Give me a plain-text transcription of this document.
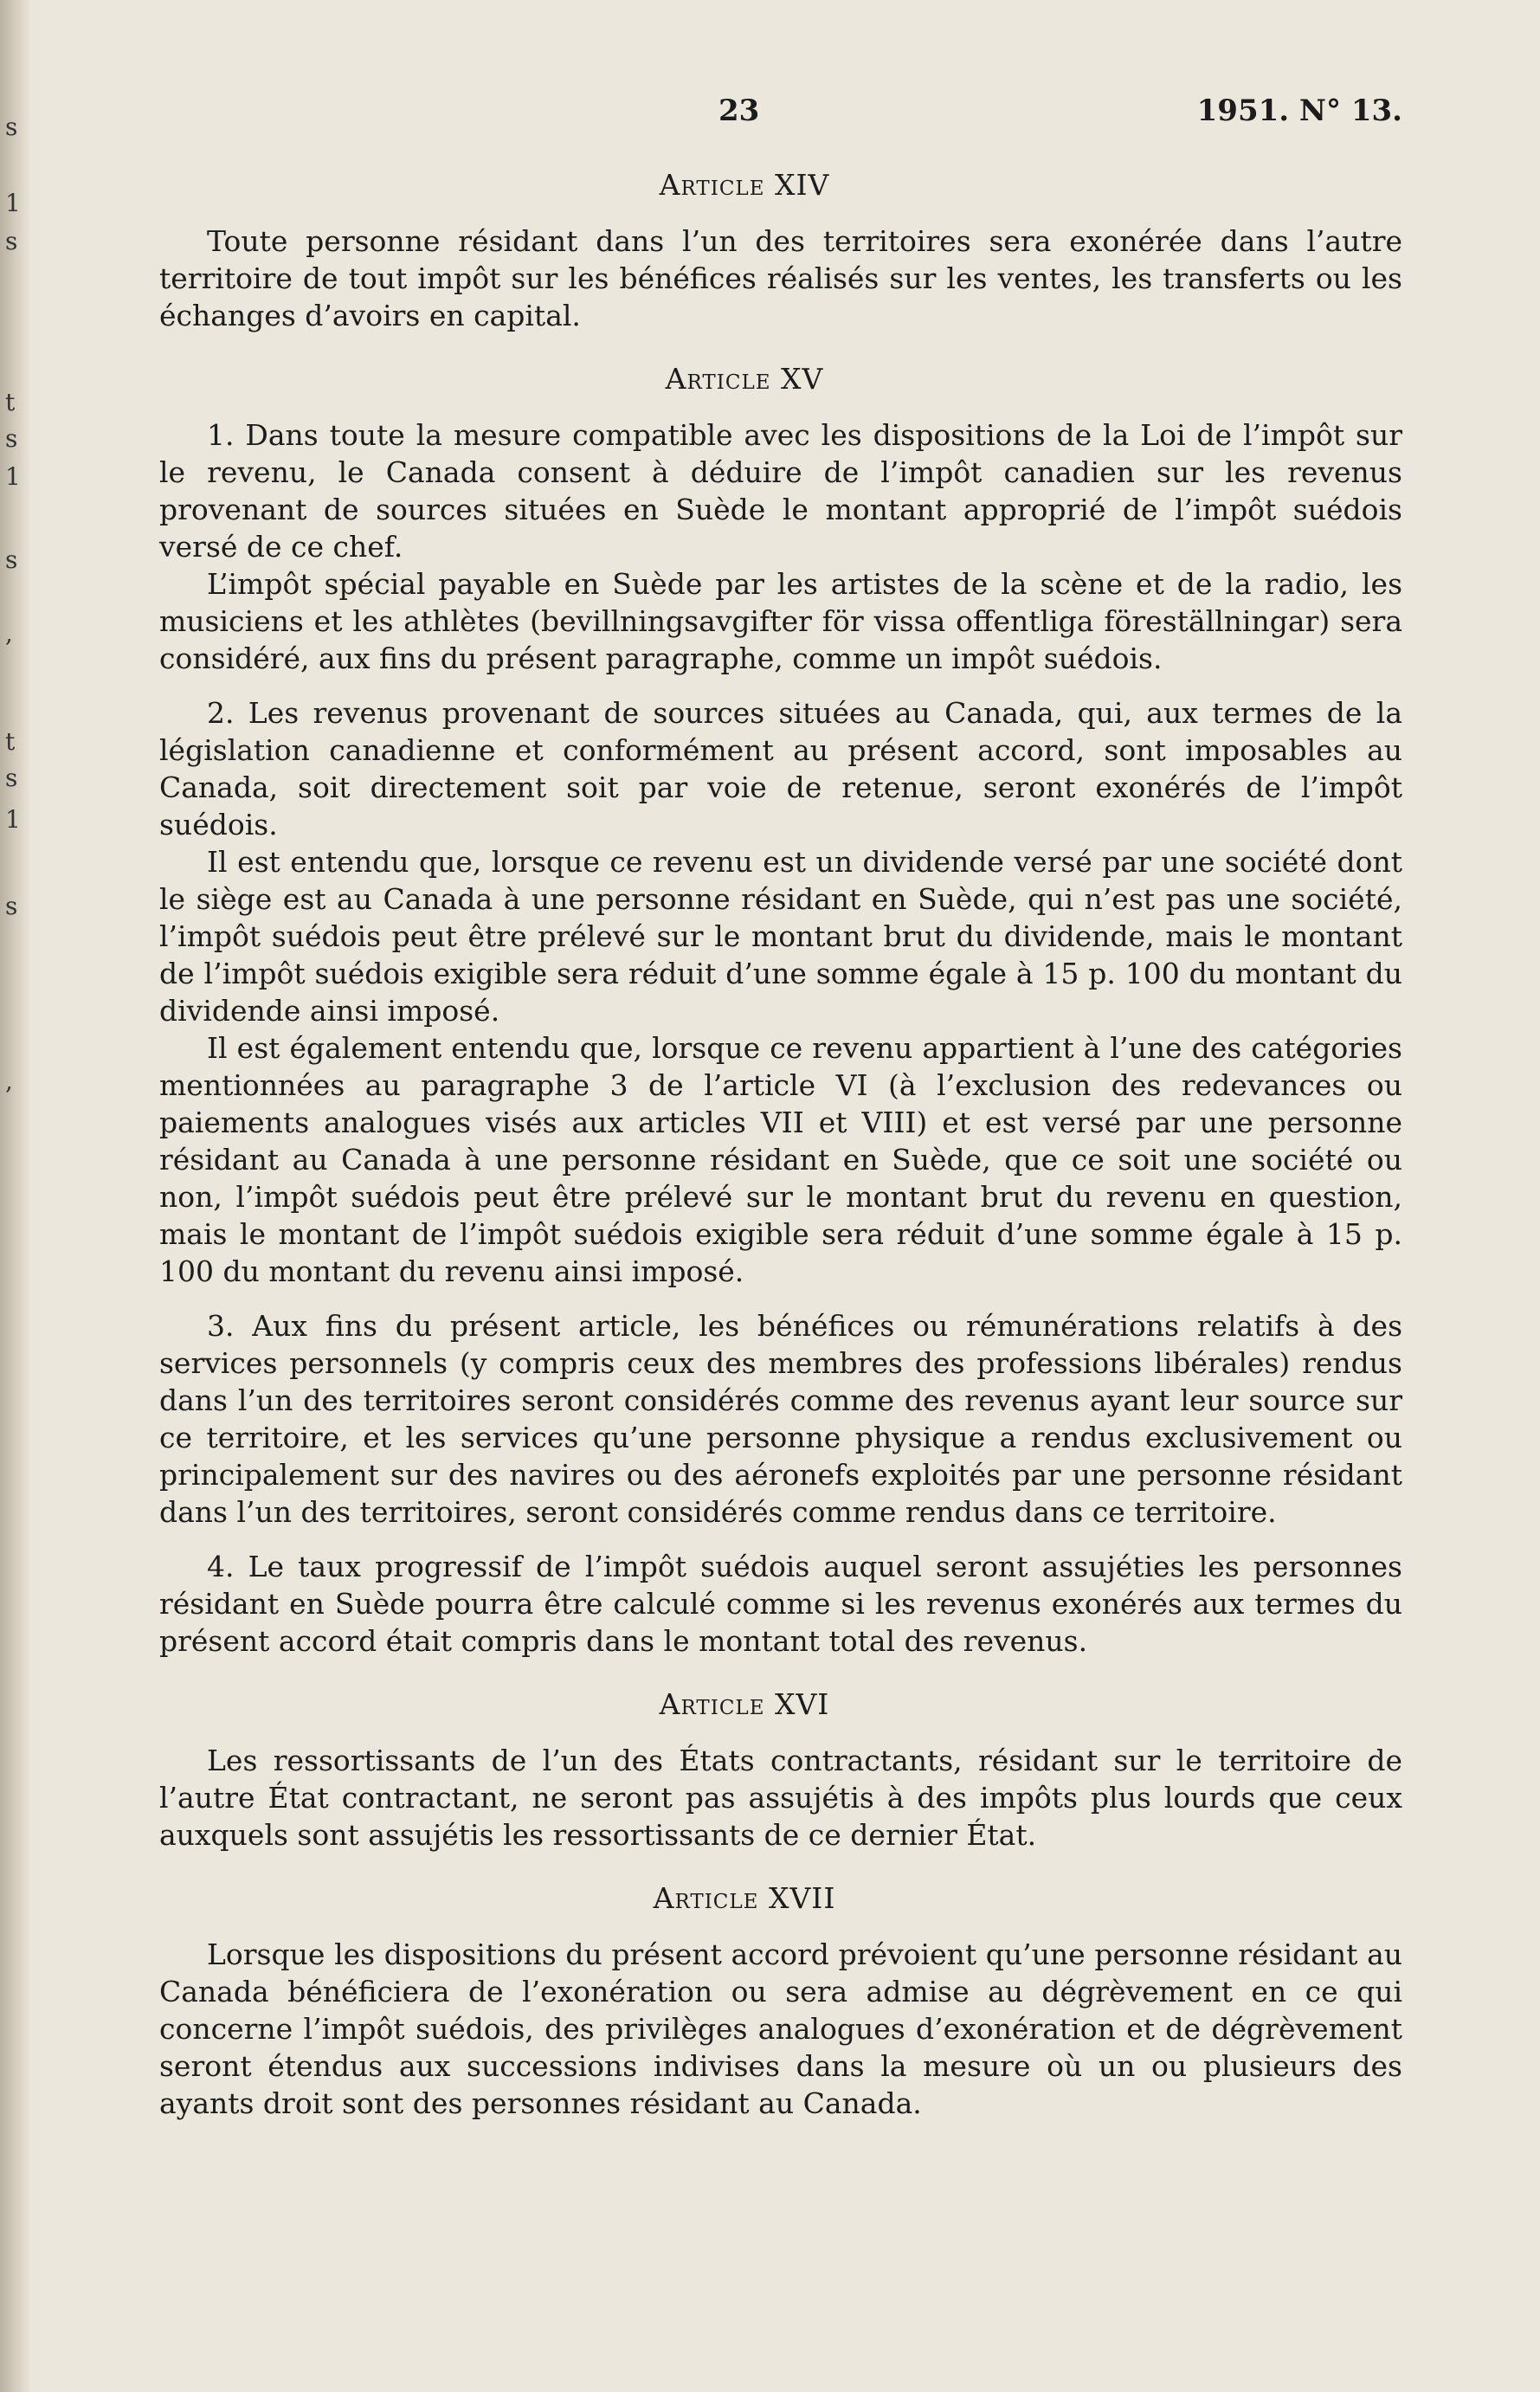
s
1
s
t
s
1
s
,
t
s
1
s
,
23	1951. N° 13.
Article XIV

Toute personne résidant dans l’un des territoires sera exonérée dans l’autre territoire de tout impôt sur les bénéfices réalisés sur les ventes, les transferts ou les échanges d’avoirs en capital.

Article XV

1. Dans toute la mesure compatible avec les dispositions de la Loi de l’impôt sur le revenu, le Canada consent à déduire de l’impôt canadien sur les revenus provenant de sources situées en Suède le montant approprié de l’impôt suédois versé de ce chef.

L’impôt spécial payable en Suède par les artistes de la scène et de la radio, les musiciens et les athlètes (bevillningsavgifter för vissa offentliga föreställningar) sera considéré, aux fins du présent paragraphe, comme un impôt suédois.

2. Les revenus provenant de sources situées au Canada, qui, aux termes de la législation canadienne et conformément au présent accord, sont imposables au Canada, soit directement soit par voie de retenue, seront exonérés de l’impôt suédois.

Il est entendu que, lorsque ce revenu est un dividende versé par une société dont le siège est au Canada à une personne résidant en Suède, qui n’est pas une société, l’impôt suédois peut être prélevé sur le montant brut du dividende, mais le montant de l’impôt suédois exigible sera réduit d’une somme égale à 15 p. 100 du montant du dividende ainsi imposé.

Il est également entendu que, lorsque ce revenu appartient à l’une des catégories mentionnées au paragraphe 3 de l’article VI (à l’exclusion des redevances ou paiements analogues visés aux articles VII et VIII) et est versé par une personne résidant au Canada à une personne résidant en Suède, que ce soit une société ou non, l’impôt suédois peut être prélevé sur le montant brut du revenu en question, mais le montant de l’impôt suédois exigible sera réduit d’une somme égale à 15 p. 100 du montant du revenu ainsi imposé.

3. Aux fins du présent article, les bénéfices ou rémunérations relatifs à des services personnels (y compris ceux des membres des professions libérales) rendus dans l’un des territoires seront considérés comme des revenus ayant leur source sur ce territoire, et les services qu’une personne physique a rendus exclusivement ou principalement sur des navires ou des aéronefs exploités par une personne résidant dans l’un des territoires, seront considérés comme rendus dans ce territoire.

4. Le taux progressif de l’impôt suédois auquel seront assujéties les personnes résidant en Suède pourra être calculé comme si les revenus exonérés aux termes du présent accord était compris dans le montant total des revenus.

Article XVI

Les ressortissants de l’un des États contractants, résidant sur le territoire de l’autre État contractant, ne seront pas assujétis à des impôts plus lourds que ceux auxquels sont assujétis les ressortissants de ce dernier État.

Article XVII

Lorsque les dispositions du présent accord prévoient qu’une personne résidant au Canada bénéficiera de l’exonération ou sera admise au dégrèvement en ce qui concerne l’impôt suédois, des privilèges analogues d’exonération et de dégrèvement seront étendus aux successions indivises dans la mesure où un ou plusieurs des ayants droit sont des personnes résidant au Canada.
